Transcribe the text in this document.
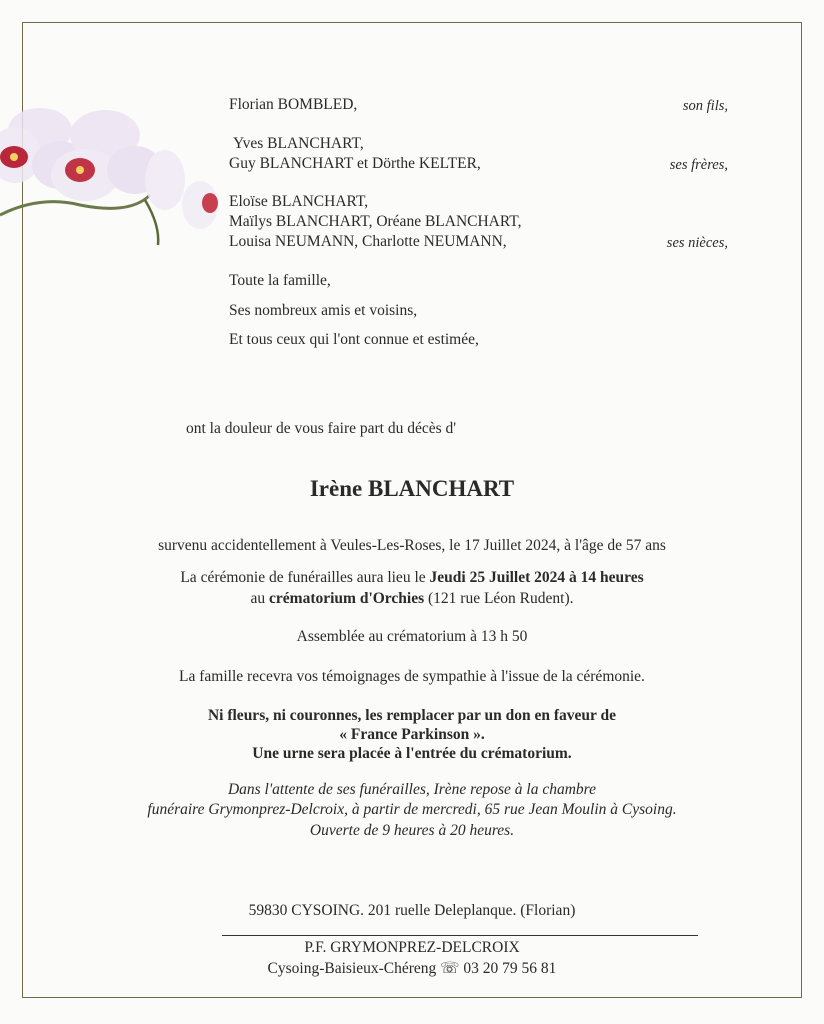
Florian BOMBLED,	son fils,
Yves BLANCHART,
Guy BLANCHART et Dörthe KELTER,	ses frères,
Eloïse BLANCHART,
Maïlys BLANCHART, Oréane BLANCHART,
Louisa NEUMANN, Charlotte NEUMANN,	ses nièces,
Toute la famille,
Ses nombreux amis et voisins,
Et tous ceux qui l'ont connue et estimée,
ont la douleur de vous faire part du décès d'
Irène BLANCHART
survenu accidentellement à Veules-Les-Roses, le 17 Juillet 2024, à l'âge de 57 ans
La cérémonie de funérailles aura lieu le Jeudi 25 Juillet 2024 à 14 heures
au crématorium d'Orchies (121 rue Léon Rudent).
Assemblée au crématorium à 13 h 50
La famille recevra vos témoignages de sympathie à l'issue de la cérémonie.
Ni fleurs, ni couronnes, les remplacer par un don en faveur de
« France Parkinson ».
Une urne sera placée à l'entrée du crématorium.
Dans l'attente de ses funérailles, Irène repose à la chambre
funéraire Grymonprez-Delcroix, à partir de mercredi, 65 rue Jean Moulin à Cysoing.
Ouverte de 9 heures à 20 heures.
59830 CYSOING. 201 ruelle Deleplanque. (Florian)
P.F. GRYMONPREZ-DELCROIX
Cysoing-Baisieux-Chéreng ☏ 03 20 79 56 81
